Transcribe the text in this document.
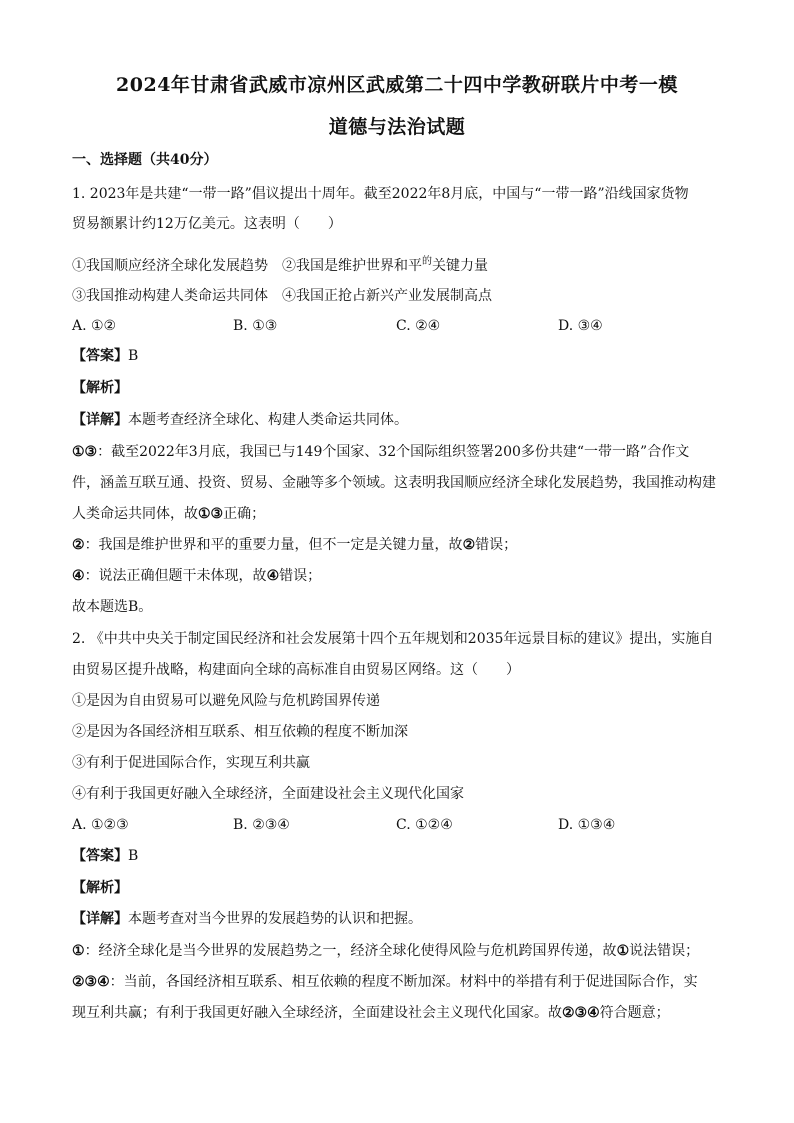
2024年甘肃省武威市凉州区武威第二十四中学教研联片中考一模
道德与法治试题
一、选择题（共40分）
1. 2023年是共建“一带一路”倡议提出十周年。截至2022年8月底，中国与“一带一路”沿线国家货物
贸易额累计约12万亿美元。这表明（　　）
①我国顺应经济全球化发展趋势　②我国是维护世界和平$^的$关键力量
③我国推动构建人类命运共同体　④我国正抢占新兴产业发展制高点
A. ①②	B. ①③	C. ②④	D. ③④
【答案】B
【解析】
【详解】本题考查经济全球化、构建人类命运共同体。
①③：截至2022年3月底，我国已与149个国家、32个国际组织签署200多份共建“一带一路”合作文
件，涵盖互联互通、投资、贸易、金融等多个领域。这表明我国顺应经济全球化发展趋势，我国推动构建
人类命运共同体，故①③正确；
②：我国是维护世界和平的重要力量，但不一定是关键力量，故②错误；
④：说法正确但题干未体现，故④错误；
故本题选B。
2. 《中共中央关于制定国民经济和社会发展第十四个五年规划和2035年远景目标的建议》提出，实施自
由贸易区提升战略，构建面向全球的高标准自由贸易区网络。这（　　）
①是因为自由贸易可以避免风险与危机跨国界传递
②是因为各国经济相互联系、相互依赖的程度不断加深
③有利于促进国际合作，实现互利共赢
④有利于我国更好融入全球经济，全面建设社会主义现代化国家
A. ①②③	B. ②③④	C. ①②④	D. ①③④
【答案】B
【解析】
【详解】本题考查对当今世界的发展趋势的认识和把握。
①：经济全球化是当今世界的发展趋势之一，经济全球化使得风险与危机跨国界传递，故①说法错误；
②③④：当前，各国经济相互联系、相互依赖的程度不断加深。材料中的举措有利于促进国际合作，实
现互利共赢；有利于我国更好融入全球经济，全面建设社会主义现代化国家。故②③④符合题意；
